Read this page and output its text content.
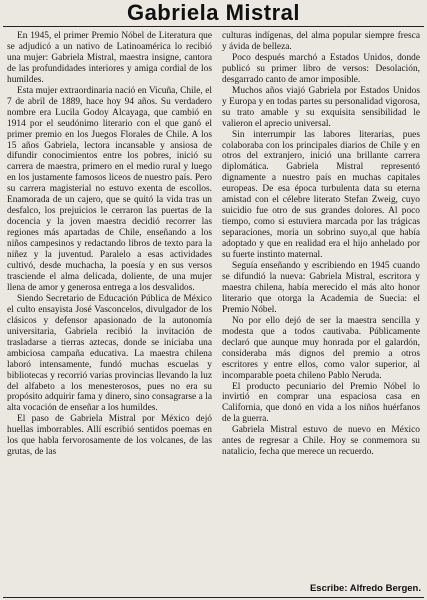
Gabriela Mistral

En 1945, el primer Premio Nóbel de Literatura que se adjudicó a un nativo de Latinoamérica lo recibió una mujer: Gabriela Mistral, maestra insigne, cantora de las profundidades interiores y amiga cordial de los humildes.

Esta mujer extraordinaria nació en Vicuña, Chile, el 7 de abril de 1889, hace hoy 94 años. Su verdadero nombre era Lucila Godoy Alcayaga, que cambió en 1914 por el seudónimo literario con el que ganó el primer premio en los Juegos Florales de Chile. A los 15 años Gabriela, lectora incansable y ansiosa de difundir conocimientos entre los pobres, inició su carrera de maestra, primero en el medio rural y luego en los justamente famosos liceos de nuestro país. Pero su carrera magisterial no estuvo exenta de escollos. Enamorada de un cajero, que se quitó la vida tras un desfalco, los prejuicios le cerraron las puertas de la docencia y la joven maestra decidió recorrer las regiones más apartadas de Chile, enseñando a los niños campesinos y redactando libros de texto para la niñez y la juventud. Paralelo a esas actividades cultivó, desde muchacha, la poesía y en sus versos trasciende el alma delicada, doliente, de una mujer llena de amor y generosa entrega a los desvalidos.

Siendo Secretario de Educación Pública de México el culto ensayista José Vasconcelos, divulgador de los clásicos y defensor apasionado de la autonomía universitaria, Gabriela recibió la invitación de trasladarse a tierras aztecas, donde se iniciaba una ambiciosa campaña educativa. La maestra chilena laboró intensamente, fundó muchas escuelas y bibliotecas y recorrió varias provincias llevando la luz del alfabeto a los menesterosos, pues no era su propósito adquirir fama y dinero, sino consagrarse a la alta vocación de enseñar a los humildes.

El paso de Gabriela Mistral por México dejó huellas imborrables. Allí escribió sentidos poemas en los que habla fervorosamente de los volcanes, de las grutas, de las

culturas indígenas, del alma popular siempre fresca y ávida de belleza.

Poco después marchó a Estados Unidos, donde publicó su primer libro de versos: Desolación, desgarrado canto de amor imposible.

Muchos años viajó Gabriela por Estados Unidos y Europa y en todas partes su personalidad vigorosa, su trato amable y su exquisita sensibilidad le valieron el aprecio universal.

Sin interrumpir las labores literarias, pues colaboraba con los principales diarios de Chile y en otros del extranjero, inició una brillante carrera diplomática. Gabriela Mistral representó dignamente a nuestro país en muchas capitales europeas. De esa época turbulenta data su eterna amistad con el célebre literato Stefan Zweig, cuyo suicidio fue otro de sus grandes dolores. Al poco tiempo, como si estuviera marcada por las trágicas separaciones, moría un sobrino suyo,al que había adoptado y que en realidad era el hijo anhelado por su fuerte instinto maternal.

Seguía enseñando y escribiendo en 1945 cuando se difundió la nueva: Gabriela Mistral, escritora y maestra chilena, había merecido el más alto honor literario que otorga la Academia de Suecia: el Premio Nóbel.

No por ello dejó de ser la maestra sencilla y modesta que a todos cautivaba. Públicamente declaró que aunque muy honrada por el galardón, consideraba más dignos del premio a otros escritores y entre ellos, como valor superior, al incomparable poeta chileno Pablo Neruda.

El producto pecuniario del Premio Nóbel lo invirtió en comprar una espaciosa casa en California, que donó en vida a los niños huérfanos de la guerra.

Gabriela Mistral estuvo de nuevo en México antes de regresar a Chile. Hoy se conmemora su natalicio, fecha que merece un recuerdo.

Escribe: Alfredo Bergen.
